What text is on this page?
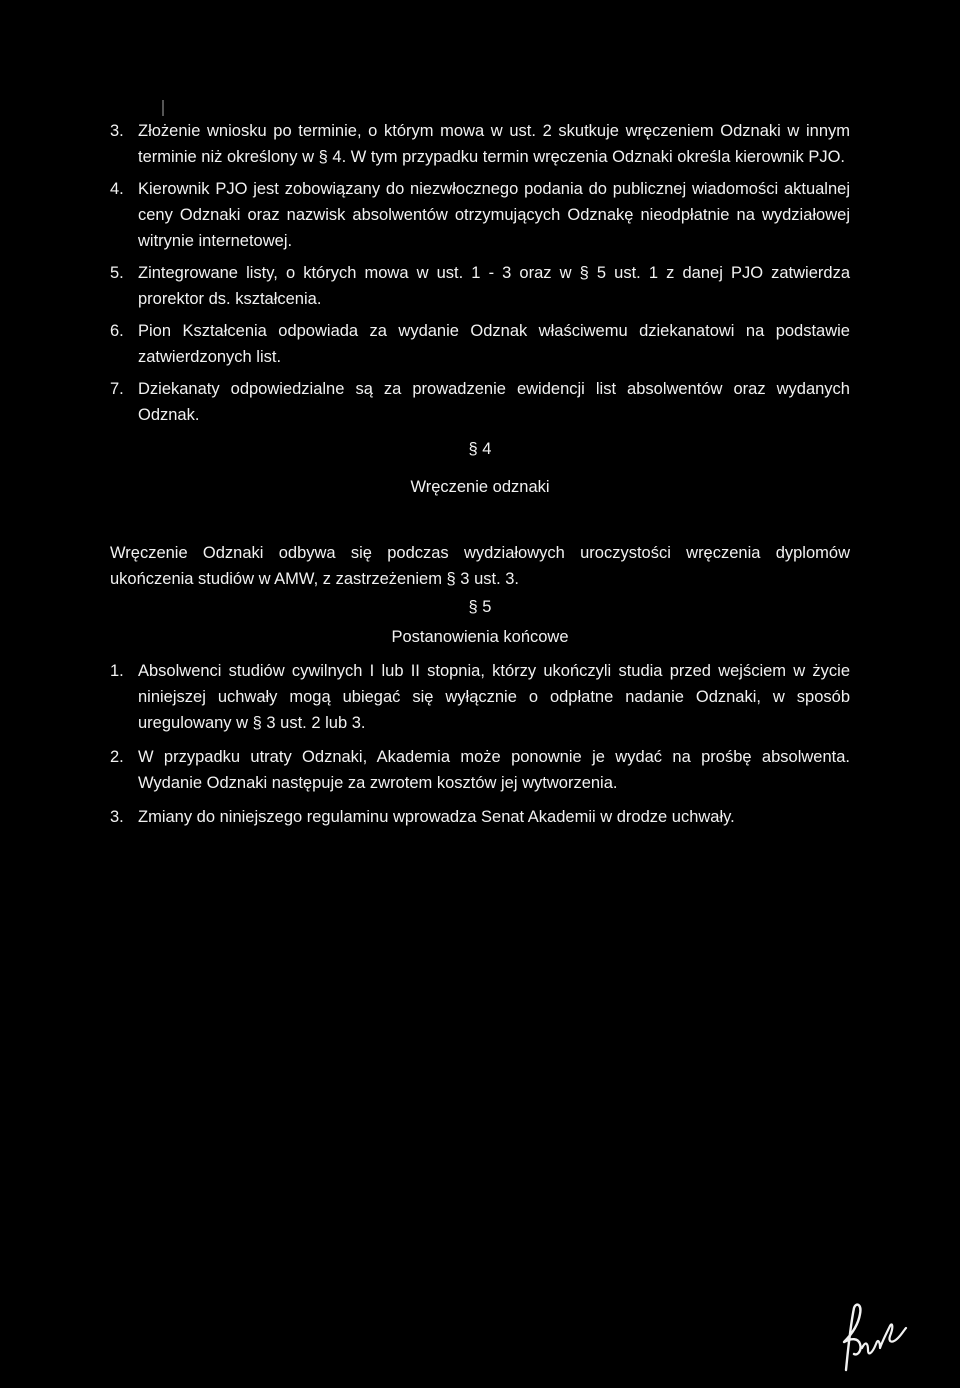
3. Złożenie wniosku po terminie, o którym mowa w ust. 2 skutkuje wręczeniem Odznaki w innym terminie niż określony w § 4. W tym przypadku termin wręczenia Odznaki określa kierownik PJO.
4. Kierownik PJO jest zobowiązany do niezwłocznego podania do publicznej wiadomości aktualnej ceny Odznaki oraz nazwisk absolwentów otrzymujących Odznakę nieodpłatnie na wydziałowej witrynie internetowej.
5. Zintegrowane listy, o których mowa w ust. 1 - 3 oraz w § 5 ust. 1 z danej PJO zatwierdza prorektor ds. kształcenia.
6. Pion Kształcenia odpowiada za wydanie Odznak właściwemu dziekanatowi na podstawie zatwierdzonych list.
7. Dziekanaty odpowiedzialne są za prowadzenie ewidencji list absolwentów oraz wydanych Odznak.
§ 4
Wręczenie odznaki
Wręczenie Odznaki odbywa się podczas wydziałowych uroczystości wręczenia dyplomów ukończenia studiów w AMW, z zastrzeżeniem § 3 ust. 3.
§ 5
Postanowienia końcowe
1. Absolwenci studiów cywilnych I lub II stopnia, którzy ukończyli studia przed wejściem w życie niniejszej uchwały mogą ubiegać się wyłącznie o odpłatne nadanie Odznaki, w sposób uregulowany w § 3 ust. 2 lub 3.
2. W przypadku utraty Odznaki, Akademia może ponownie je wydać na prośbę absolwenta. Wydanie Odznaki następuje za zwrotem kosztów jej wytworzenia.
3. Zmiany do niniejszego regulaminu wprowadza Senat Akademii w drodze uchwały.
